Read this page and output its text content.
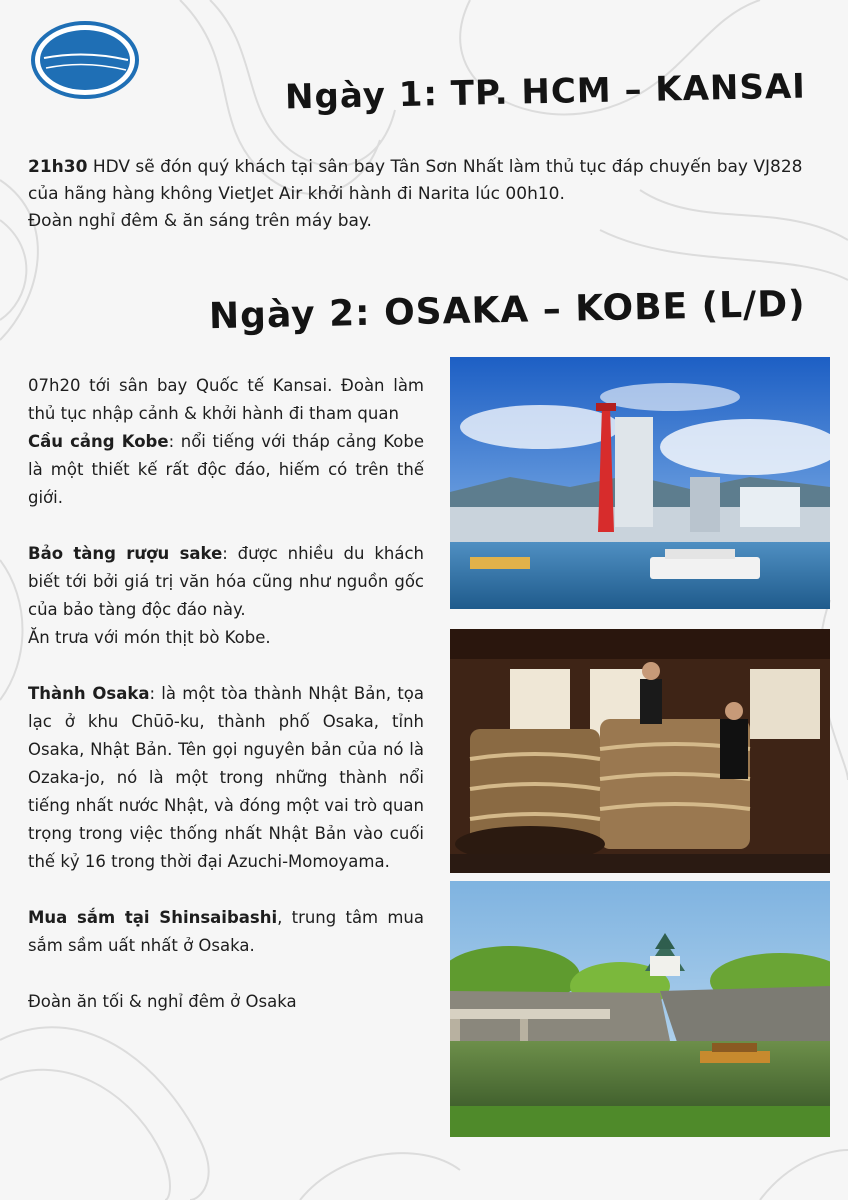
Ngày 1: TP. HCM – KANSAI

21h30 HDV sẽ đón quý khách tại sân bay Tân Sơn Nhất làm thủ tục đáp chuyến bay VJ828 của hãng hàng không VietJet Air khởi hành đi Narita lúc 00h10.

Đoàn nghỉ đêm & ăn sáng trên máy bay.

Ngày 2: OSAKA – KOBE (L/D)

07h20 tới sân bay Quốc tế Kansai. Đoàn làm thủ tục nhập cảnh & khởi hành đi tham quan
Cầu cảng Kobe: nổi tiếng với tháp cảng Kobe là một thiết kế rất độc đáo, hiếm có trên thế giới.

Bảo tàng rượu sake: được nhiều du khách biết tới bởi giá trị văn hóa cũng như nguồn gốc của bảo tàng độc đáo này.
Ăn trưa với món thịt bò Kobe.

Thành Osaka: là một tòa thành Nhật Bản, tọa lạc ở khu Chūō-ku, thành phố Osaka, tỉnh Osaka, Nhật Bản. Tên gọi nguyên bản của nó là Ozaka-jo, nó là một trong những thành nổi tiếng nhất nước Nhật, và đóng một vai trò quan trọng trong việc thống nhất Nhật Bản vào cuối thế kỷ 16 trong thời đại Azuchi-Momoyama.

Mua sắm tại Shinsaibashi, trung tâm mua sắm sầm uất nhất ở Osaka.

Đoàn ăn tối & nghỉ đêm ở Osaka
